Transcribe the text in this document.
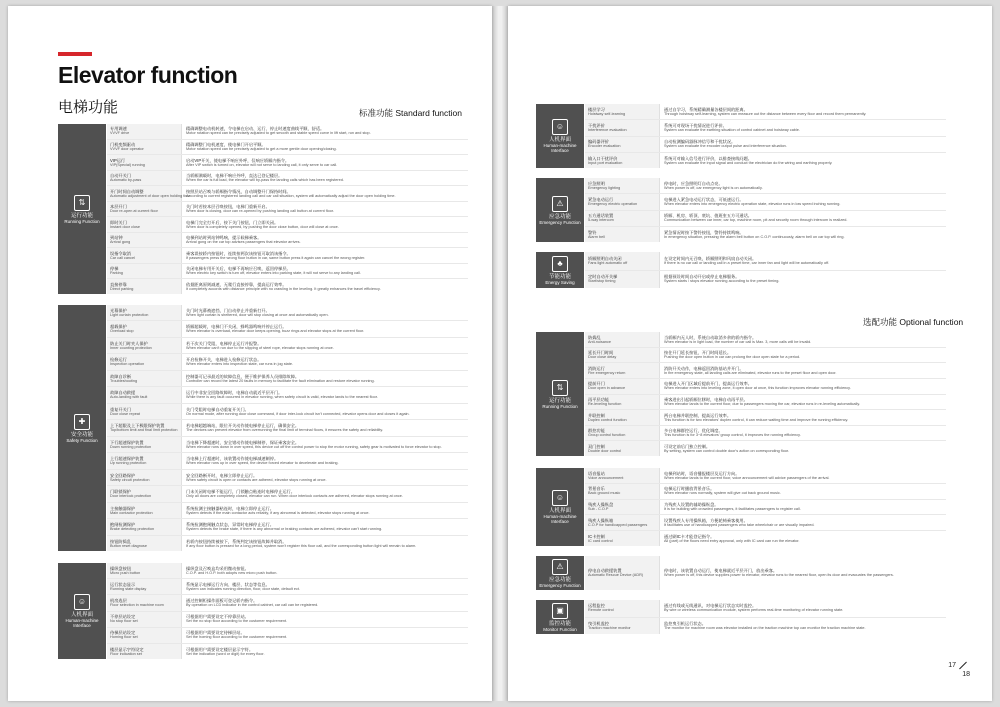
Elevator function
电梯功能	标准功能 Standard function
⇅
运行功能
Running Function
专用调速
VVVF drive
精确调整电动机转速，令电梯在启动、运行、停止时速度曲线平顺、舒适。
Motor rotation speed can be precisely adjusted to get smooth and stable speed curve in lift start, run and stop.
门机变频驱动
VVVF door operator
精确调整门电机速度，使电梯门开启平顺。
Motor rotation speed can be precisely adjusted to get a more gentle door opening/closing.
VIP运行
VIP(Special) running
启动VIP开关，使电梯不响应外呼，仅响应轿厢内指令。
After VIP switch is turned on, elevator will not serve to landing call, it only serve to car call.
自动开关门
Automatic by-pass
当轿厢满载时，电梯不响应外呼，直达已登记楼层。
When the car is full load, the elevator will by-pass the landing calls which has been registered.
开门时间自动调整
Automatic adjustment of door open holding time
按照层站召唤与轿厢指令情况，自动调整开门保持时间。
According to current registered landing call and car call situation, system will automatically adjust the door open holding time.
本层开门
Door re-open at current floor
关门时若按本层召唤按钮，电梯门重新开启。
When door is closing, door can re-opened by pushing landing call button at current floor.
即时关门
Instant door close
电梯门完全打开后，按下关门按钮，门立即关闭。
When door is completely opened, by pushing the door close button, door will close at once.
到站钟
Arrival gong
电梯到站时到站钟鸣响，提示候梯乘客。
Arrival gong on the car top advises passengers that elevator arrives.
误指令取消
Car call cancel
乘客误按轿内按钮时，连续按两次该按钮可取消该指令。
If passengers press the wrong floor button in car, same button press it again can cancel the wrong register.
停梯
Parking
关闭电梯专用开关后，电梯不再响应召唤，返回停梯层。
When electric key switch is turn off, elevator enters into parking state, it will not serve to any landing call.
直接停靠
Direct parking
依据距离原则减速，无爬行直接停靠，提高运行效率。
It completely accords with distance principle with no crawling in the leveling. It greatly enhances the travel efficiency.
✚
安全功能
Safety Function
光幕保护
Light curtain protection
关门时光幕被遮挡，门自动停止并重新打开。
When light curtain is sheltered, door will stop closing at once and automatically open.
超载保护
Overload stop
轿厢超载时，电梯门不关闭，蜂鸣器鸣响并停止运行。
When elevator is overload, elevator door keeps opening, buzz rings and elevator stops at the current floor.
防止关门时夹人保护
Inner counting protection
若干次关门受阻，电梯停止运行并报警。
When elevator can't run due to the slipping of steel rope, elevator stops running at once.
检修运行
Inspection operation
开启检修开关，电梯进入检修运行状态。
When elevator enters into inspection state, car runs in jog state.
故障自诊断
Troubleshooting
控制器可记录最近的故障信息，便于维护保养人员排除故障。
Controller can record the latest 20 faults in memory to facilitate the fault elimination and restore elevator running.
故障自动救援
Auto-landing with fault
运行中非安全回路故障时，电梯自动就近平层开门。
While there is any fault occurred in elevator running, when safety circuit is valid, elevator lands to the nearest floor.
重复开关门
Door close repeat
关门受阻时电梯自动重复开关门。
On normal mode, after running door close command, if door inter-lock circuit isn't connected, elevator opens door and closes it again.
上下超限及上下极限保护装置
Top/bottom limit and final limit protection
若电梯超越端站，限位开关动作使电梯停止运行，确保安全。
The devices can prevent elevator from overrunning the final limit of terminal floors, it ensures the safety and reliability.
下行超速保护装置
Down running protection
当电梯下降超速时，安全钳动作使电梯制停，保证乘客安全。
When elevator runs down in over speed, this device cut off the control power to stop the motor running, safety gear is motivated to force elevator to stop.
上行超速保护装置
Up running protection
当电梯上行超速时，该装置动作使电梯减速制停。
When elevator runs up in over speed, the device forced elevator to decelerate and braking.
安全回路保护
Safety circuit protection
安全回路断开时，电梯立即停止运行。
When safety circuit is open or contacts are adhered, elevator stops running at once.
门联锁保护
Door interlock protection
门未关闭时电梯不能运行，门锁触点粘连时电梯停止运行。
Only all doors are completely closed, elevator can run. When door interlock contacts are adhered, elevator stops running at once.
主接触器保护
Main contactor protection
系统检测主接触器粘连时，电梯立即停止运行。
System detects if the main contactor acts reliably, if any abnormal is detected, elevator stops running at once.
抱闸检测保护
Brake detecting protection
系统检测抱闸触点状态，异常时电梯停止运行。
System detects the brake state, if there is any abnormal or braking contacts are adhered, elevator can't start running.
按钮防捣乱
Button reset diagnose
若轿内按钮持续被按下，系统判定该按钮故障并取消。
If any floor button is pressed for a long period, system won't register this floor call, and the corresponding button light will remain to alarm.
☺
人机界面
Human-machine Interface
操纵盘按钮
Micro push button
操纵盘及召唤盒均采用微动按钮。
C.O.P. and H.O.P. both adopts new micro push button.
运行状态显示
Running state display
系统显示电梯运行方向、楼层、状态等信息。
System can indicates running direction, floor, door state, default ect.
机房选层
Floor selection in machine room
通过控制柜操作面板可登记轿内指令。
By operation on LCD indicator in the control cabinet, car call can be registered.
不停层站设定
No stop floor set
可根据用户需要设定不停靠层站。
Set the no stop floor according to the customer requirement.
待梯层站设定
Homing floor set
可根据用户需要设定待梯层站。
Set the homing floor according to the customer requirement.
楼层显示字符设定
Floor indication set
可根据用户需要设定楼层显示字符。
Set the indication (word or digit) for every floor.
☺
人机界面
Human-machine Interface
楼层学习
Hoistway self-learning
通过自学习，系统精确测量各楼层间的距离。
Through hoistway self-learning, system can measure out the distance between every floor and record them permanently.
干扰评价
Interference evaluation
系统可对现场干扰情况进行评价。
System can evaluate the earthing situation of control cabinet and hoistway cable.
编码器评价
Encoder evaluation
自动检测编码器脉冲信号和干扰状况。
System can evaluate the encoder output pulse and interference situation.
输入口干扰评价
Input port evaluation
系统可对输入信号进行评价，以排查接线问题。
System can evaluate the input signal and conduct the electrician do the wiring and earthing properly.
⚠
应急功能
Emergency Function
应急照明
Emergency lighting
停电时，应急照明灯自动点亮。
When power is off, car emergency light is on automatically.
紧急电动运行
Emergency electric operation
电梯进入紧急电动运行状态，可低速运行。
When elevator enters into emergency electric operation state, elevator runs in low speed inching running.
五方通话装置
5-way intercom
轿厢、机房、轿顶、底坑、值班室五方可通话。
Communication between car inner, car top, machine room, pit and security room through intercom is realized.
警铃
Alarm bell
紧急情况时按下警铃按钮，警铃持续鸣响。
In emergency situation, pressing the alarm bell button on C.O.P. continuously, alarm bell on car top will ring.
♣
节能功能
Energy Saving
轿厢照明自动关闭
Fans light automatic off
在设定时间内无召唤，轿厢照明和风扇自动关闭。
If there is no car call or landing call in a preset time, car inner fan and light will be automatically off.
定时自动开关梯
Start/stop timing
根据预设时间自动开启或停止电梯服务。
System starts / stops elevator running according to the preset timing.
选配功能 Optional function
⇅
运行功能
Running Function
防捣乱
Anti-nuisance
当轿厢内无人时，系统自动取消多余的轿内指令。
When elevator is in light load, the number of car call is Max. 3, more calls will be invalid.
延长开门时间
Door close delay
按住开门延长按钮，开门时间延长。
Pushing the door open button in car can prolong the door open state for a period.
消防运行
Fire emergency return
消防开关动作，电梯返回消防基站并开门。
In fire emergency state, all landing calls are eliminated, elevator runs to the preset floor and open door.
提前开门
Door open in advance
电梯进入开门区域后提前开门，提高运行效率。
When elevator enters into leveling zone, it open door at once, this function improves elevator running efficiency.
再平层功能
Re-leveling function
乘客进出引起轿厢位移时，电梯自动再平层。
When elevator lands to the current floor, due to passengers moving the car, elevator runs in re-leveling automatically.
并联控制
Duplex control function
两台电梯并联控制，提高运行效率。
This function is for two elevators' duplex control, it can reduce waiting time and improve the running efficiency.
群控功能
Group control function
多台电梯群控运行，优化调度。
This function is for 3~8 elevators' group control, it improves the running efficiency.
双门控制
Double door control
可设定前后门独立控制。
By setting, system can control double door's action on corresponding floor.
☺
人机界面
Human-machine Interface
语音报站
Voice announcement
电梯到站时，语音播报楼层及运行方向。
When elevator lands to the current floor, voice announcement will advice passengers of the arrival.
背景音乐
Back ground music
电梯运行时播放背景音乐。
When elevator runs normally, system will give out back ground music.
残疾人操纵盘
Sub - C.O.P
为残疾人设置的辅助操纵盘。
It is for building with crowded passengers, it facilitates passengers to register call.
残疾人操纵箱
C.O.P for handicapped passengers
设置残疾人专用操纵箱，方便轮椅乘客使用。
It facilitates use of handicapped passengers who take wheelchair or are visually impaired.
IC卡控制
IC card control
通过刷IC卡才能登记指令。
All (part) of the floors need entry approval, only with IC card can run the elevator.
⚠
应急功能
Emergency Function
停电自动救援装置
Automatic Rescue Device (ADR)
停电时，该装置自动运行，使电梯就近平层开门，放出乘客。
When power is off, this device supplies power to elevator, elevator runs to the nearest floor, open its door and evacuates the passengers.
▣
监控功能
Monitor Function
远程监控
Remote control
通过有线或无线通讯，对电梯运行状态实时监控。
By wire or wireless communication module, system performs real-time monitoring of elevator running state.
曳引机监控
Traction machine monitor
监控曳引机运行状态。
The monitor for machine room was elevator installed on the traction machine top can monitor the traction machine state.
17
18
